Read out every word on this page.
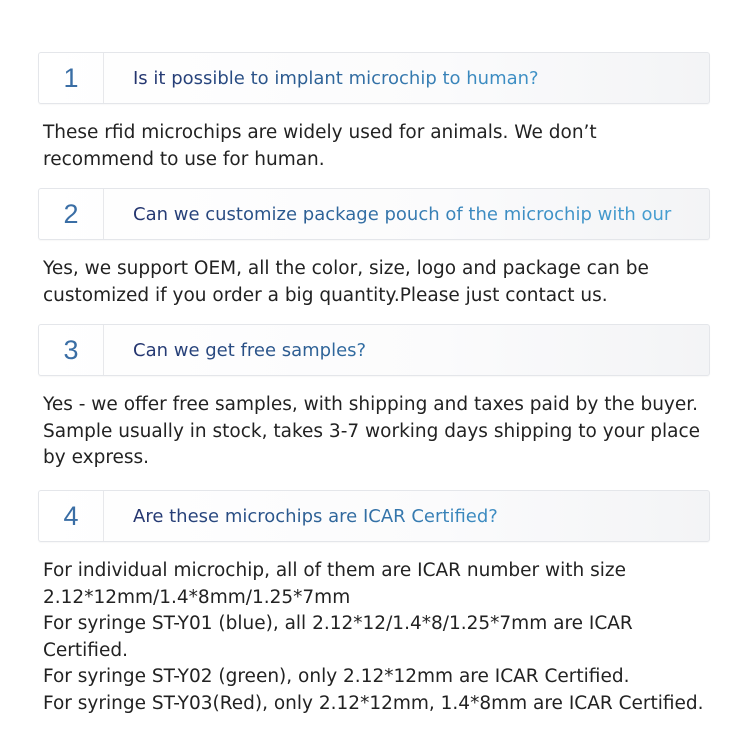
1	Is it possible to implant microchip to human?

These rfid microchips are widely used for animals. We don’t recommend to use for human.

2	Can we customize package pouch of the microchip with our

Yes, we support OEM, all the color, size, logo and package can be customized if you order a big quantity.Please just contact us.

3	Can we get free samples?

Yes - we offer free samples, with shipping and taxes paid by the buyer. Sample usually in stock, takes 3-7 working days shipping to your place by express.

4	Are these microchips are ICAR Certified?

For individual microchip, all of them are ICAR number with size 2.12*12mm/1.4*8mm/1.25*7mm

For syringe ST-Y01 (blue), all 2.12*12/1.4*8/1.25*7mm are ICAR Certified.

For syringe ST-Y02 (green), only 2.12*12mm are ICAR Certified.

For syringe ST-Y03(Red), only 2.12*12mm, 1.4*8mm are ICAR Certified.
